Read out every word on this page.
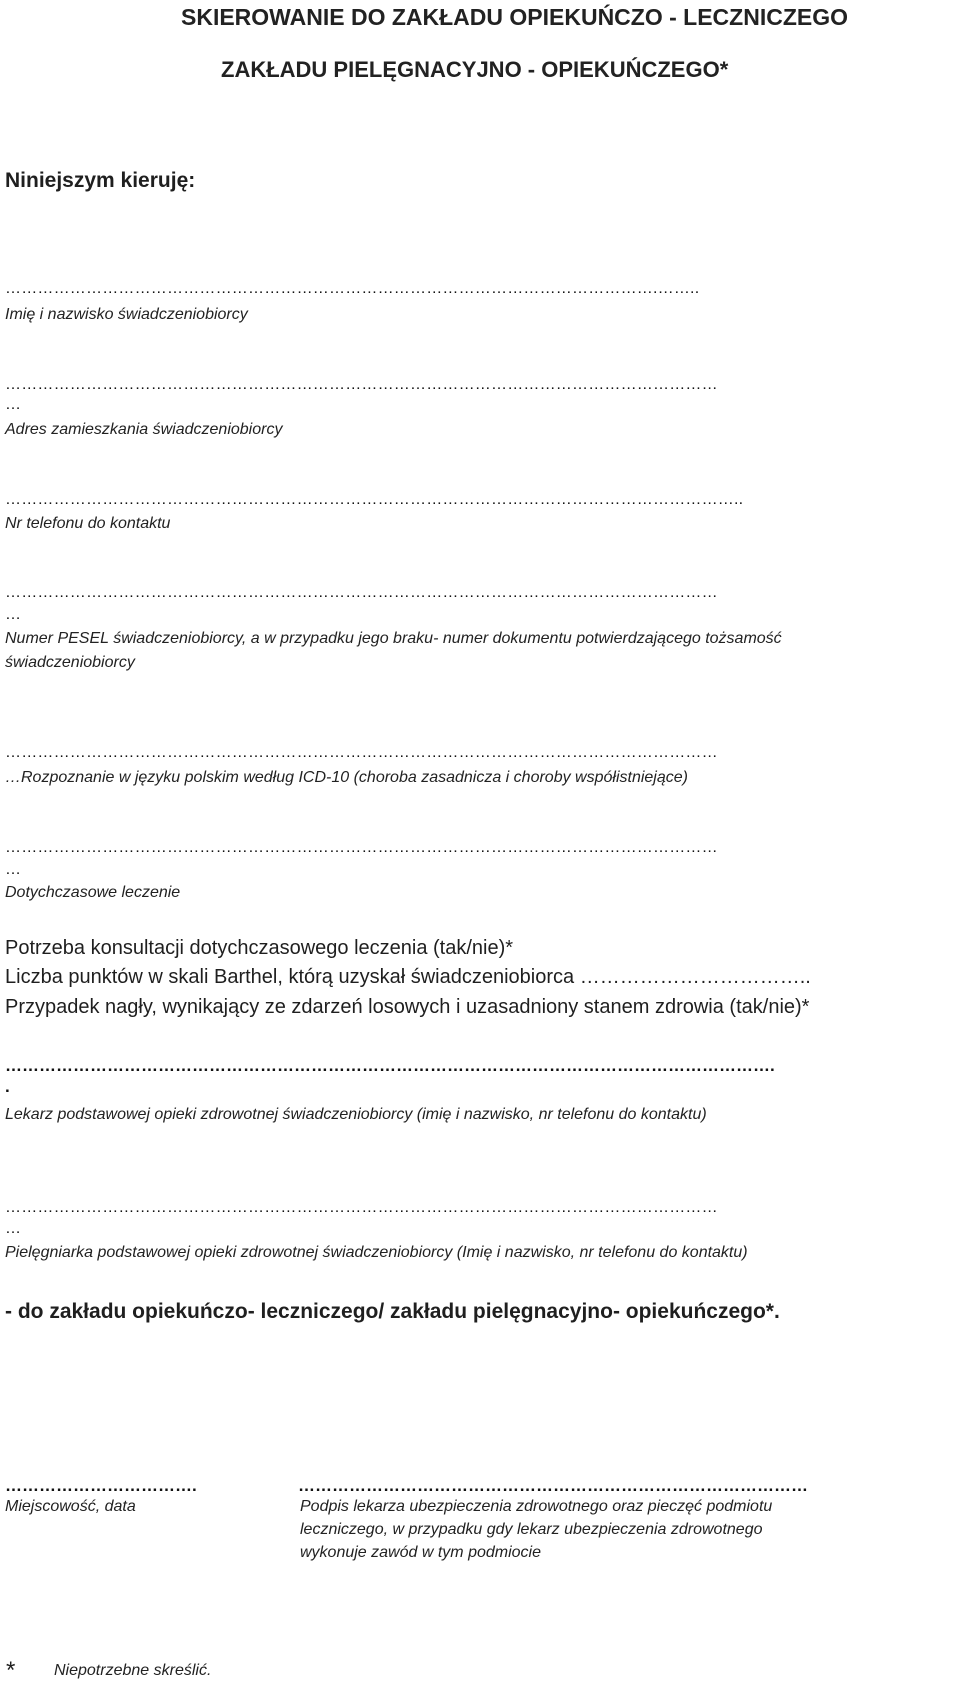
SKIEROWANIE DO ZAKŁADU OPIEKUŃCZO - LECZNICZEGO
ZAKŁADU PIELĘGNACYJNO - OPIEKUŃCZEGO*
Niniejszym kieruję:
………………………………………………………………………………………………………….……..
Imię i nazwisko świadczeniobiorcy
……………………………………………………………………………………………………………………
…
Adres zamieszkania świadczeniobiorcy
………………………………………………………………………………………………………………………..
Nr telefonu do kontaktu
……………………………………………………………………………………………………………………
…
Numer PESEL świadczeniobiorcy, a w przypadku jego braku- numer dokumentu potwierdzającego tożsamość
świadczeniobiorcy
……………………………………………………………………………………………………………………
…Rozpoznanie w języku polskim według ICD-10 (choroba zasadnicza i choroby współistniejące)
……………………………………………………………………………………………………………………
…
Dotychczasowe leczenie
Potrzeba konsultacji dotychczasowego leczenia (tak/nie)*
Liczba punktów w skali Barthel, którą uzyskał świadczeniobiorca ……………………………..
Przypadek nagły, wynikający ze zdarzeń losowych i uzasadniony stanem zdrowia (tak/nie)*
……………………………………………………………………………………………………………………….
.
Lekarz podstawowej opieki zdrowotnej świadczeniobiorcy (imię i nazwisko, nr telefonu do kontaktu)
……………………………………………………………………………………………………………………
…
Pielęgniarka podstawowej opieki zdrowotnej świadczeniobiorcy (Imię i nazwisko, nr telefonu do kontaktu)
- do zakładu opiekuńczo- leczniczego/ zakładu pielęgnacyjno- opiekuńczego*.
…………………………….
Miejscowość, data
………………………………………………………………………………
Podpis lekarza ubezpieczenia zdrowotnego oraz pieczęć podmiotu
leczniczego, w przypadku gdy lekarz ubezpieczenia zdrowotnego
wykonuje zawód w tym podmiocie
* Niepotrzebne skreślić.
